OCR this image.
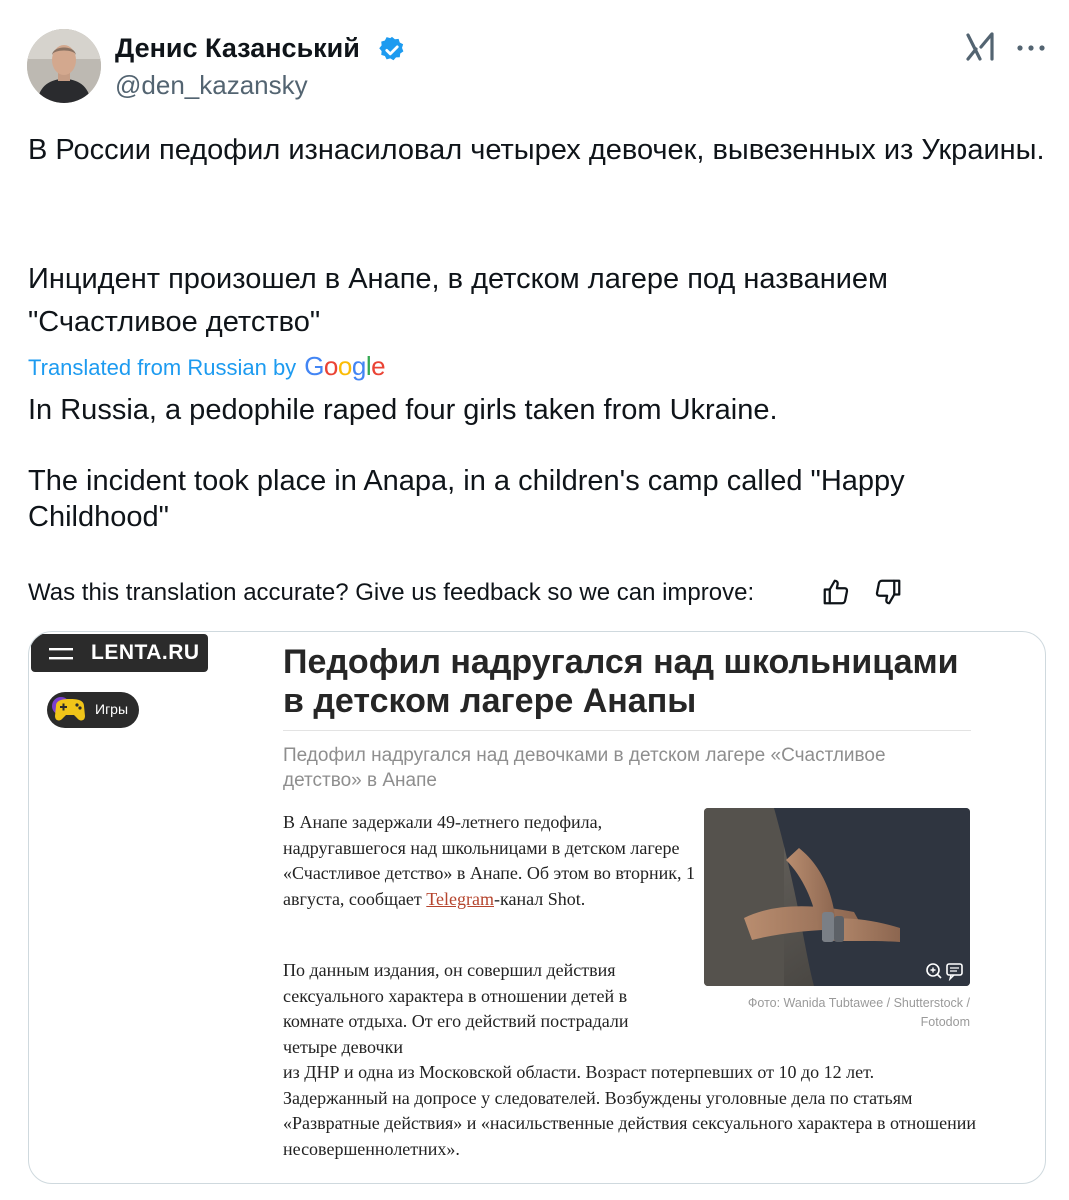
Денис Казанський
@den_kazansky
В России педофил изнасиловал четырех девочек, вывезенных из Украины.
Инцидент произошел в Анапе, в детском лагере под названием "Счастливое детство"
Translated from Russian by Google
In Russia, a pedophile raped four girls taken from Ukraine.
The incident took place in Anapa, in a children's camp called "Happy Childhood"
Was this translation accurate? Give us feedback so we can improve:
LENTA.RU
Игры
Педофил надругался над школьницами в детском лагере Анапы
Педофил надругался над девочками в детском лагере «Счастливое детство» в Анапе
В Анапе задержали 49-летнего педофила, надругавшегося над школьницами в детском лагере «Счастливое детство» в Анапе. Об этом во вторник, 1 августа, сообщает Telegram-канал Shot.
По данным издания, он совершил действия сексуального характера в отношении детей в комнате отдыха. От его действий пострадали четыре девочки
из ДНР и одна из Московской области. Возраст потерпевших от 10 до 12 лет. Задержанный на допросе у следователей. Возбуждены уголовные дела по статьям «Развратные действия» и «насильственные действия сексуального характера в отношении несовершеннолетних».
Фото: Wanida Tubtawee / Shutterstock / Fotodom
